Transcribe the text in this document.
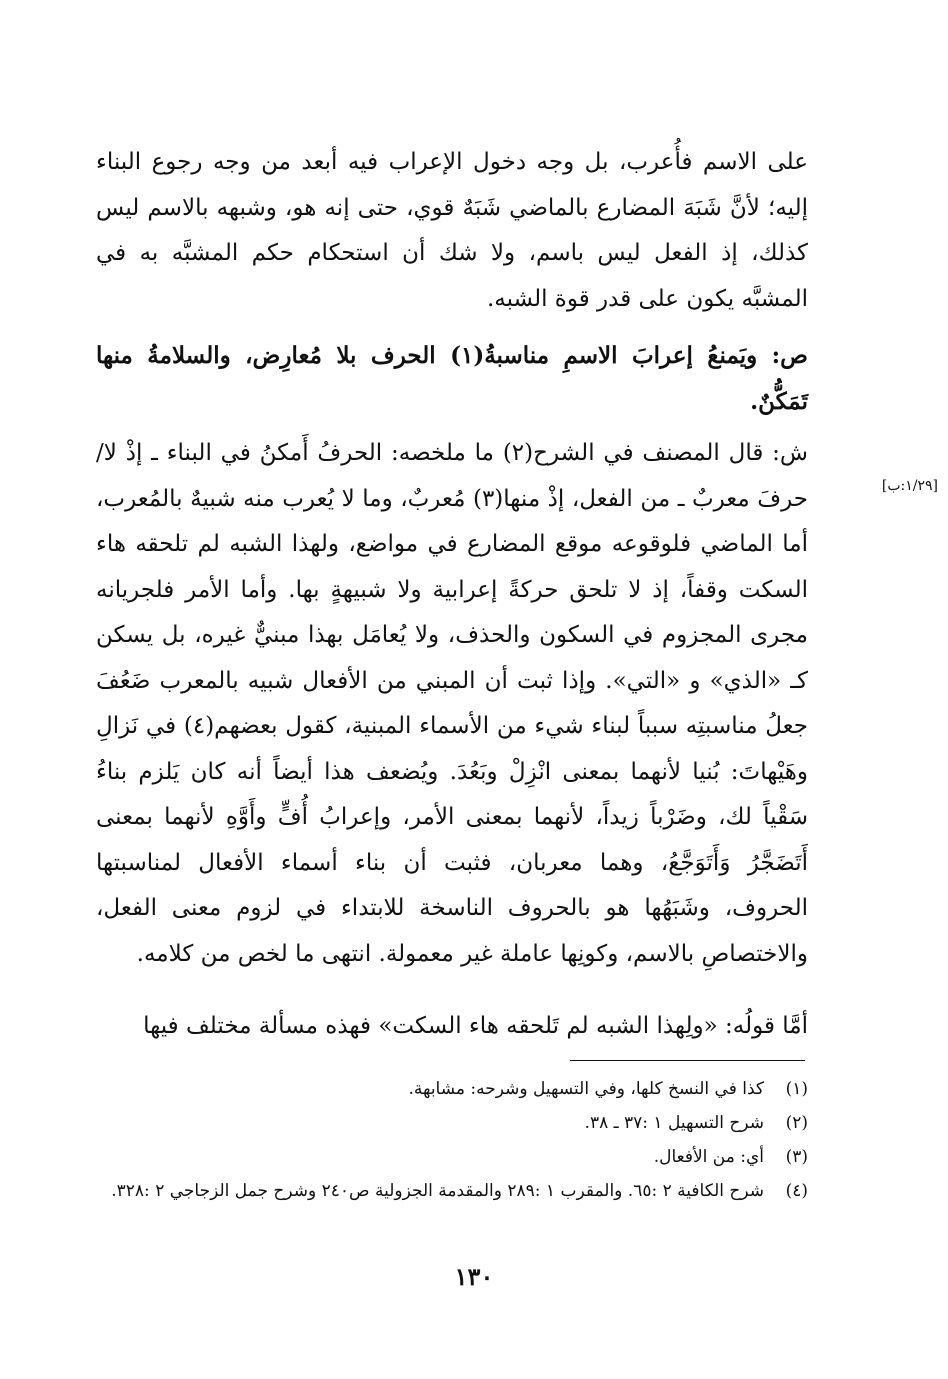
على الاسم فأُعرب، بل وجه دخول الإعراب فيه أبعد من وجه رجوع البناء إليه؛ لأنَّ شَبَهَ المضارع بالماضي شَبَهٌ قوي، حتى إنه هو، وشبهه بالاسم ليس كذلك، إذ الفعل ليس باسم، ولا شك أن استحكام حكم المشبَّه به في المشبَّه يكون على قدر قوة الشبه.

ص: ويَمنعُ إعرابَ الاسمِ مناسبةُ(١) الحرف بلا مُعارِض، والسلامةُ منها تَمَكُّنٌ.

ش: قال المصنف في الشرح(٢) ما ملخصه: الحرفُ أَمكنُ في البناء ـ إذْ لا/ حرفَ معربٌ ـ من الفعل، إذْ منها(٣) مُعربٌ، وما لا يُعرب منه شبيهٌ بالمُعرب، أما الماضي فلوقوعه موقع المضارع في مواضع، ولهذا الشبه لم تلحقه هاء السكت وقفاً، إذ لا تلحق حركةً إعرابية ولا شبيهةٍ بها. وأما الأمر فلجريانه مجرى المجزوم في السكون والحذف، ولا يُعامَل بهذا مبنيٌّ غيره، بل يسكن كـ «الذي» و «التي». وإذا ثبت أن المبني من الأفعال شبيه بالمعرب ضَعُفَ جعلُ مناسبتِه سبباً لبناء شيء من الأسماء المبنية، كقول بعضهم(٤) في نَزالِ وهَيْهاتَ: بُنيا لأنهما بمعنى انْزِلْ وبَعُدَ. ويُضعف هذا أيضاً أنه كان يَلزم بناءُ سَقْياً لك، وضَرْباً زيداً، لأنهما بمعنى الأمر، وإعرابُ أُفٍّ وأَوَّهِ لأنهما بمعنى أَتَضَجَّرُ وَأَتَوَجَّعُ، وهما معربان، فثبت أن بناء أسماء الأفعال لمناسبتها الحروف، وشَبَهُها هو بالحروف الناسخة للابتداء في لزوم معنى الفعل، والاختصاصِ بالاسم، وكونِها عاملة غير معمولة. انتهى ما لخص من كلامه.

[١/٢٩:ب]

أمَّا قولُه: «ولِهذا الشبه لم تَلحقه هاء السكت» فهذه مسألة مختلف فيها

(١)
كذا في النسخ كلها، وفي التسهيل وشرحه: مشابهة.
(٢)
شرح التسهيل ١ :٣٧ ـ ٣٨.
(٣)
أي: من الأفعال.
(٤)
شرح الكافية ٢ :٦٥. والمقرب ١ :٢٨٩ والمقدمة الجزولية ص٢٤٠ وشرح جمل الزجاجي ٢ :٣٢٨.
١٣٠
